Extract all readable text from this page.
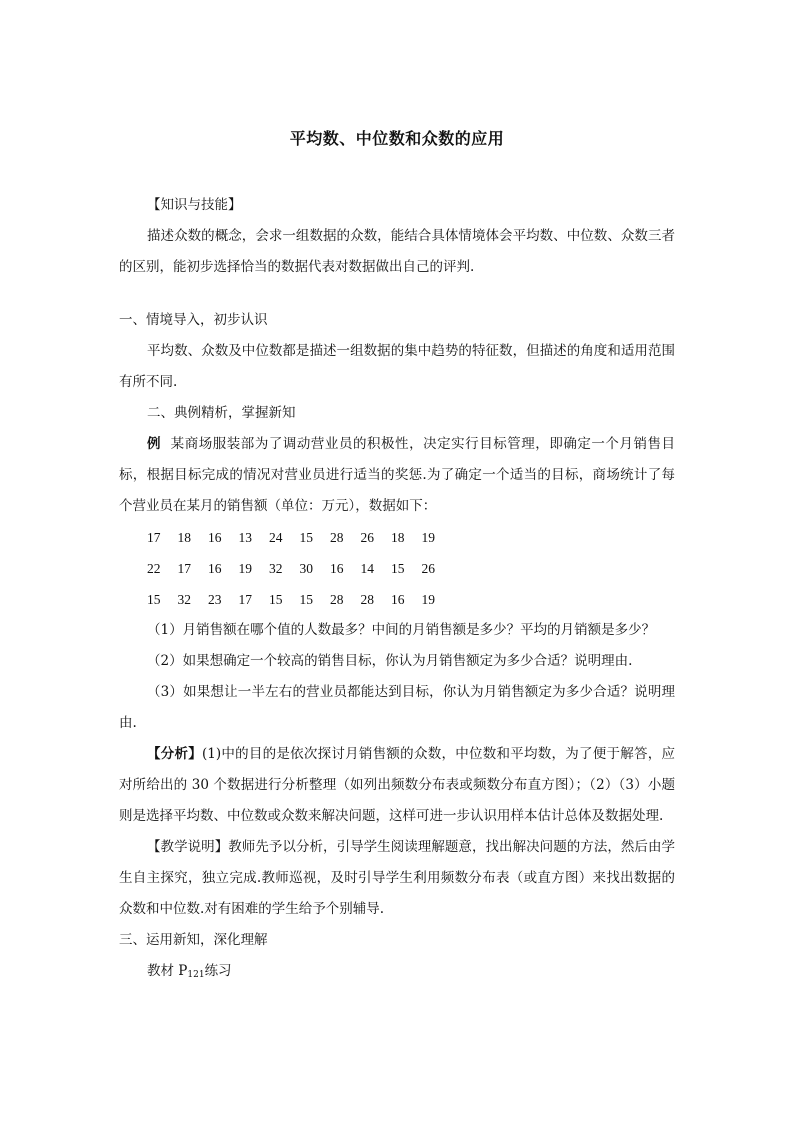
平均数、中位数和众数的应用

【知识与技能】

描述众数的概念，会求一组数据的众数，能结合具体情境体会平均数、中位数、众数三者的区别，能初步选择恰当的数据代表对数据做出自己的评判.

一、情境导入，初步认识

平均数、众数及中位数都是描述一组数据的集中趋势的特征数，但描述的角度和适用范围有所不同.

二、典例精析，掌握新知

例 某商场服装部为了调动营业员的积极性，决定实行目标管理，即确定一个月销售目标，根据目标完成的情况对营业员进行适当的奖惩.为了确定一个适当的目标，商场统计了每个营业员在某月的销售额（单位：万元），数据如下：

17	18	16	13	24	15	28	26	18	19
22	17	16	19	32	30	16	14	15	26
15	32	23	17	15	15	28	28	16	19

（1）月销售额在哪个值的人数最多？中间的月销售额是多少？平均的月销额是多少？

（2）如果想确定一个较高的销售目标，你认为月销售额定为多少合适？说明理由.

（3）如果想让一半左右的营业员都能达到目标，你认为月销售额定为多少合适？说明理由.

【分析】(1)中的目的是依次探讨月销售额的众数，中位数和平均数，为了便于解答，应对所给出的 30 个数据进行分析整理（如列出频数分布表或频数分布直方图）；（2）（3）小题则是选择平均数、中位数或众数来解决问题，这样可进一步认识用样本估计总体及数据处理.

【教学说明】教师先予以分析，引导学生阅读理解题意，找出解决问题的方法，然后由学生自主探究，独立完成.教师巡视，及时引导学生利用频数分布表（或直方图）来找出数据的众数和中位数.对有困难的学生给予个别辅导.

三、运用新知，深化理解

教材 $P_{121}$练习
